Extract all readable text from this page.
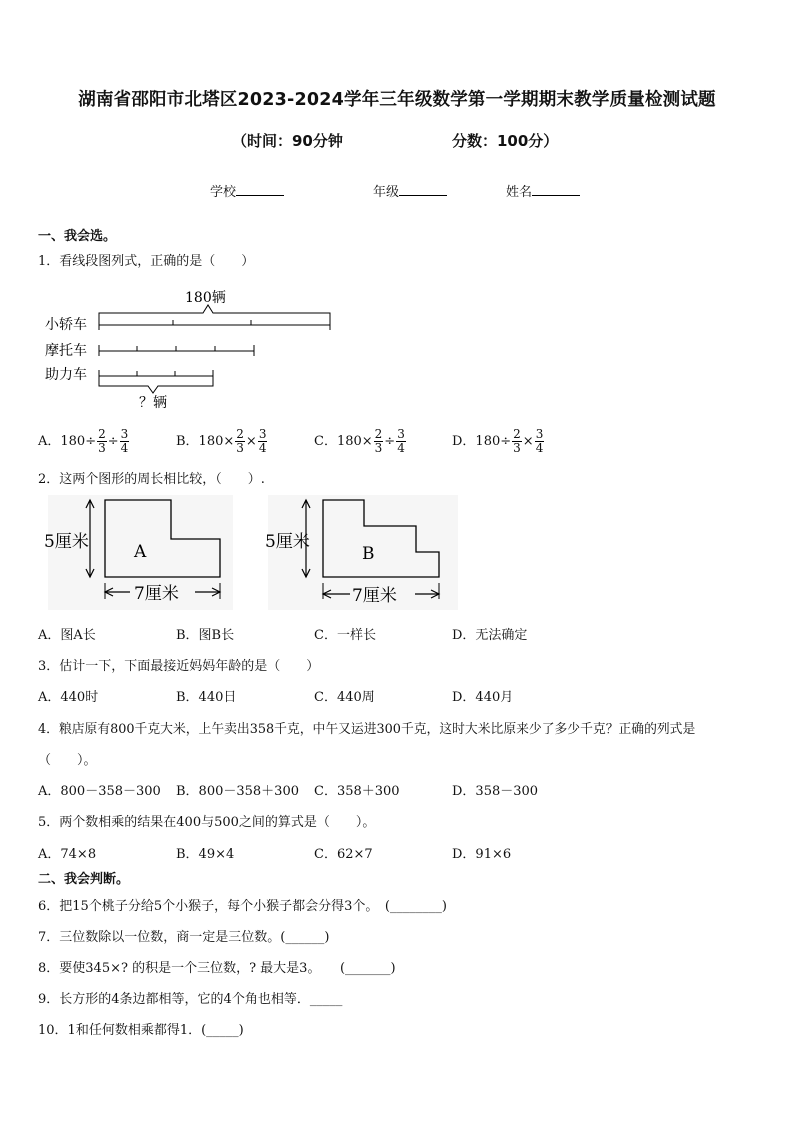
湖南省邵阳市北塔区2023-2024学年三年级数学第一学期期末教学质量检测试题
（时间：90分钟	分数：100分）
学校	年级	姓名
一、我会选。
1．看线段图列式，正确的是（　　）
180辆
小轿车
摩托车
助力车
？辆
A．$180\div \frac{2}{3} \div \frac{3}{4}$	B．$180\times \frac{2}{3} \times \frac{3}{4}$	C．$180\times \frac{2}{3} \div \frac{3}{4}$	D．$180\div \frac{2}{3} \times \frac{3}{4}$
2．这两个图形的周长相比较，（　　）.
5厘米	A
7厘米
5厘米
B
7厘米
A．图A长	B．图B长	C．一样长	D．无法确定
3．估计一下，下面最接近妈妈年龄的是（　　）
A．440时	B．440日	C．440周	D．440月
4．粮店原有800千克大米，上午卖出358千克，中午又运进300千克，这时大米比原来少了多少千克？正确的列式是
（　　）。
A．800－358－300 B．800－358＋300 C．358＋300	D．358－300
5．两个数相乘的结果在400与500之间的算式是（　　）。
A．74×8	B．49×4	C．62×7	D．91×6
二、我会判断。
6．把15个桃子分给5个小猴子，每个小猴子都会分得3个。　(________)
7．三位数除以一位数，商一定是三位数。(______)
8．要使345×? 的积是一个三位数，? 最大是3。　　(_______)
9．长方形的4条边都相等，它的4个角也相等．_____
10．1和任何数相乘都得1．(_____)
